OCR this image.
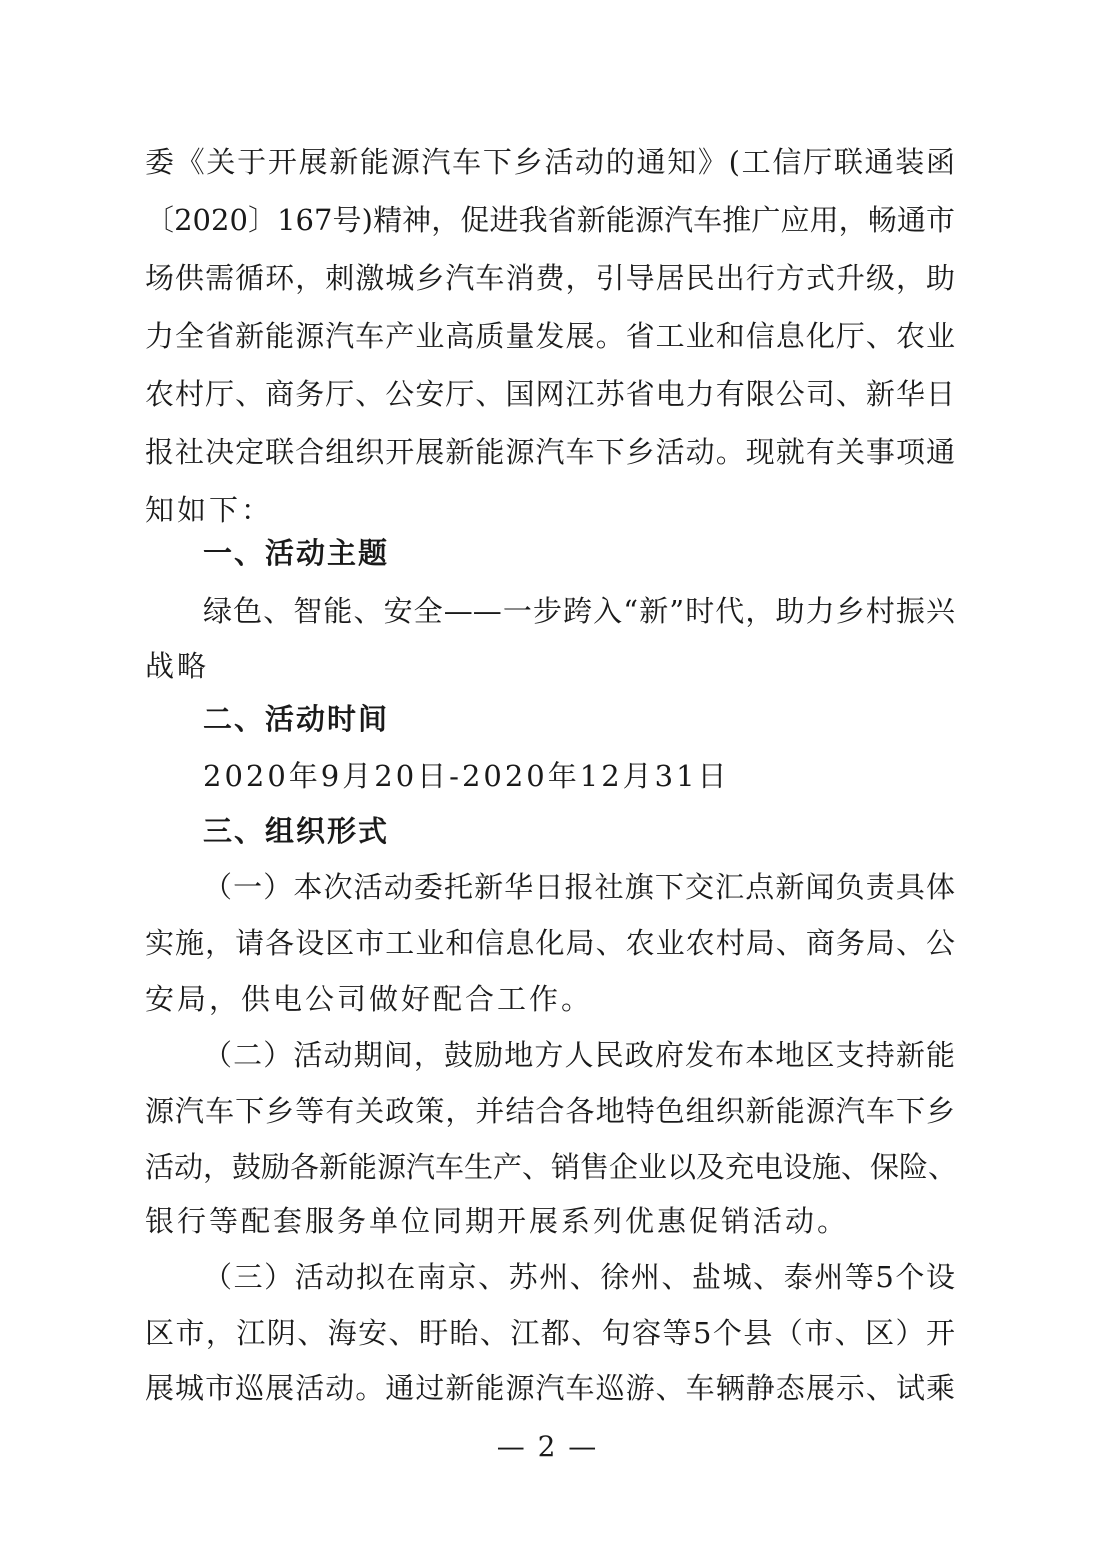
委《关于开展新能源汽车下乡活动的通知》(工信厅联通装函
〔2020〕167号)精神，促进我省新能源汽车推广应用，畅通市
场供需循环，刺激城乡汽车消费，引导居民出行方式升级，助
力全省新能源汽车产业高质量发展。省工业和信息化厅、农业
农村厅、商务厅、公安厅、国网江苏省电力有限公司、新华日
报社决定联合组织开展新能源汽车下乡活动。现就有关事项通
知如下：
一、活动主题
绿色、智能、安全——一步跨入“新”时代，助力乡村振兴
战略
二、活动时间
2020年9月20日-2020年12月31日
三、组织形式
（一）本次活动委托新华日报社旗下交汇点新闻负责具体
实施，请各设区市工业和信息化局、农业农村局、商务局、公
安局，供电公司做好配合工作。
（二）活动期间，鼓励地方人民政府发布本地区支持新能
源汽车下乡等有关政策，并结合各地特色组织新能源汽车下乡
活动，鼓励各新能源汽车生产、销售企业以及充电设施、保险、
银行等配套服务单位同期开展系列优惠促销活动。
（三）活动拟在南京、苏州、徐州、盐城、泰州等5个设
区市，江阴、海安、盱眙、江都、句容等5个县（市、区）开
展城市巡展活动。通过新能源汽车巡游、车辆静态展示、试乘
— 2 —
